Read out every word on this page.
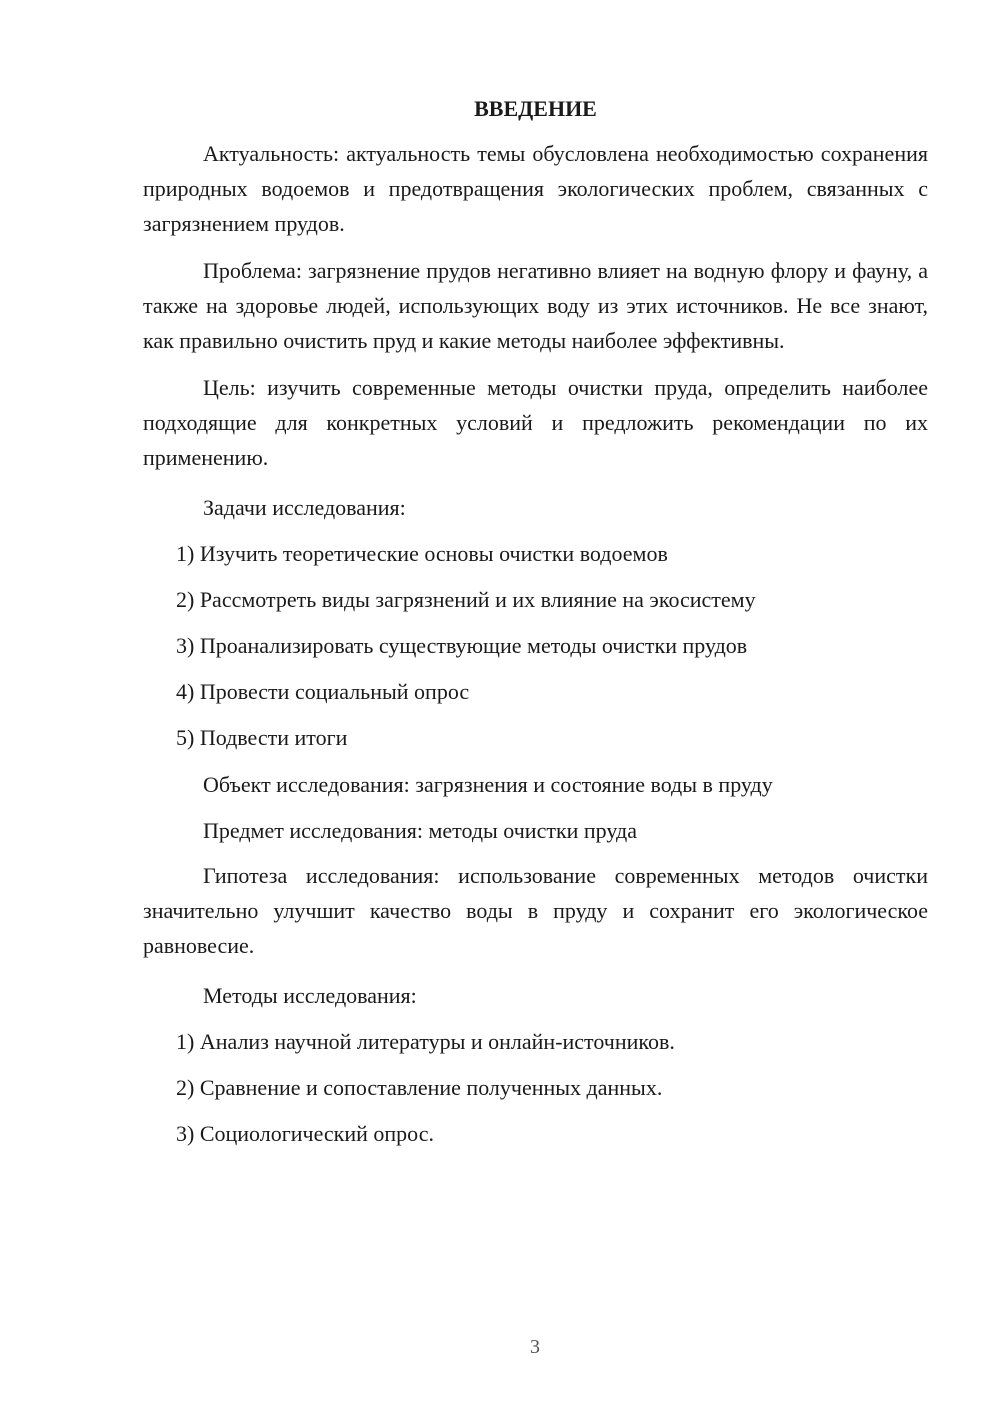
ВВЕДЕНИЕ

Актуальность: актуальность темы обусловлена необходимостью сохранения природных водоемов и предотвращения экологических проблем, связанных с загрязнением прудов.

Проблема: загрязнение прудов негативно влияет на водную флору и фауну, а также на здоровье людей, использующих воду из этих источников. Не все знают, как правильно очистить пруд и какие методы наиболее эффективны.

Цель: изучить современные методы очистки пруда, определить наиболее подходящие для конкретных условий и предложить рекомендации по их применению.

Задачи исследования:

1) Изучить теоретические основы очистки водоемов
2) Рассмотреть виды загрязнений и их влияние на экосистему
3) Проанализировать существующие методы очистки прудов
4) Провести социальный опрос
5) Подвести итоги

Объект исследования: загрязнения и состояние воды в пруду

Предмет исследования: методы очистки пруда

Гипотеза исследования: использование современных методов очистки значительно улучшит качество воды в пруду и сохранит его экологическое равновесие.

Методы исследования:

1) Анализ научной литературы и онлайн-источников.
2) Сравнение и сопоставление полученных данных.
3) Социологический опрос.
3
